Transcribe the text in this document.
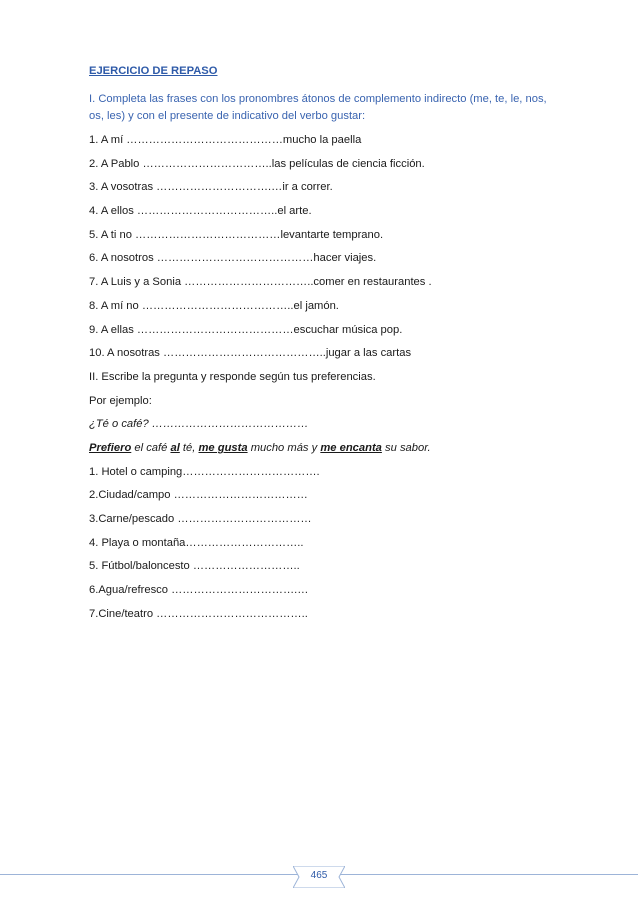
EJERCICIO DE REPASO
I. Completa las frases con los pronombres átonos de complemento indirecto (me, te, le, nos, os, les) y con el presente de indicativo del verbo gustar:
1. A mí ……………………………………mucho la paella
2. A Pablo ……………………………..las películas de ciencia ficción.
3. A vosotras ………………………….…ir a correr.
4. A ellos ………………………………..el arte.
5. A ti no …………………………………levantarte temprano.
6. A nosotros ……………………………………hacer viajes.
7. A Luis y a Sonia ……………………………..comer en restaurantes .
8. A mí no …………………………………..el jamón.
9. A ellas ……………………………………escuchar música pop.
10. A nosotras ……………………………………..jugar a las cartas
II. Escribe la pregunta y responde según tus preferencias.
Por ejemplo:
¿Té o café? ……………………………………
Prefiero el café al té, me gusta mucho más y me encanta su sabor.
1. Hotel o camping……………………………….
2.Ciudad/campo ………………………………
3.Carne/pescado ………………………………
4. Playa o montaña…………………………..
5. Fútbol/baloncesto ………………………..
6.Agua/refresco …………………………….…
7.Cine/teatro …………………………………..
465
